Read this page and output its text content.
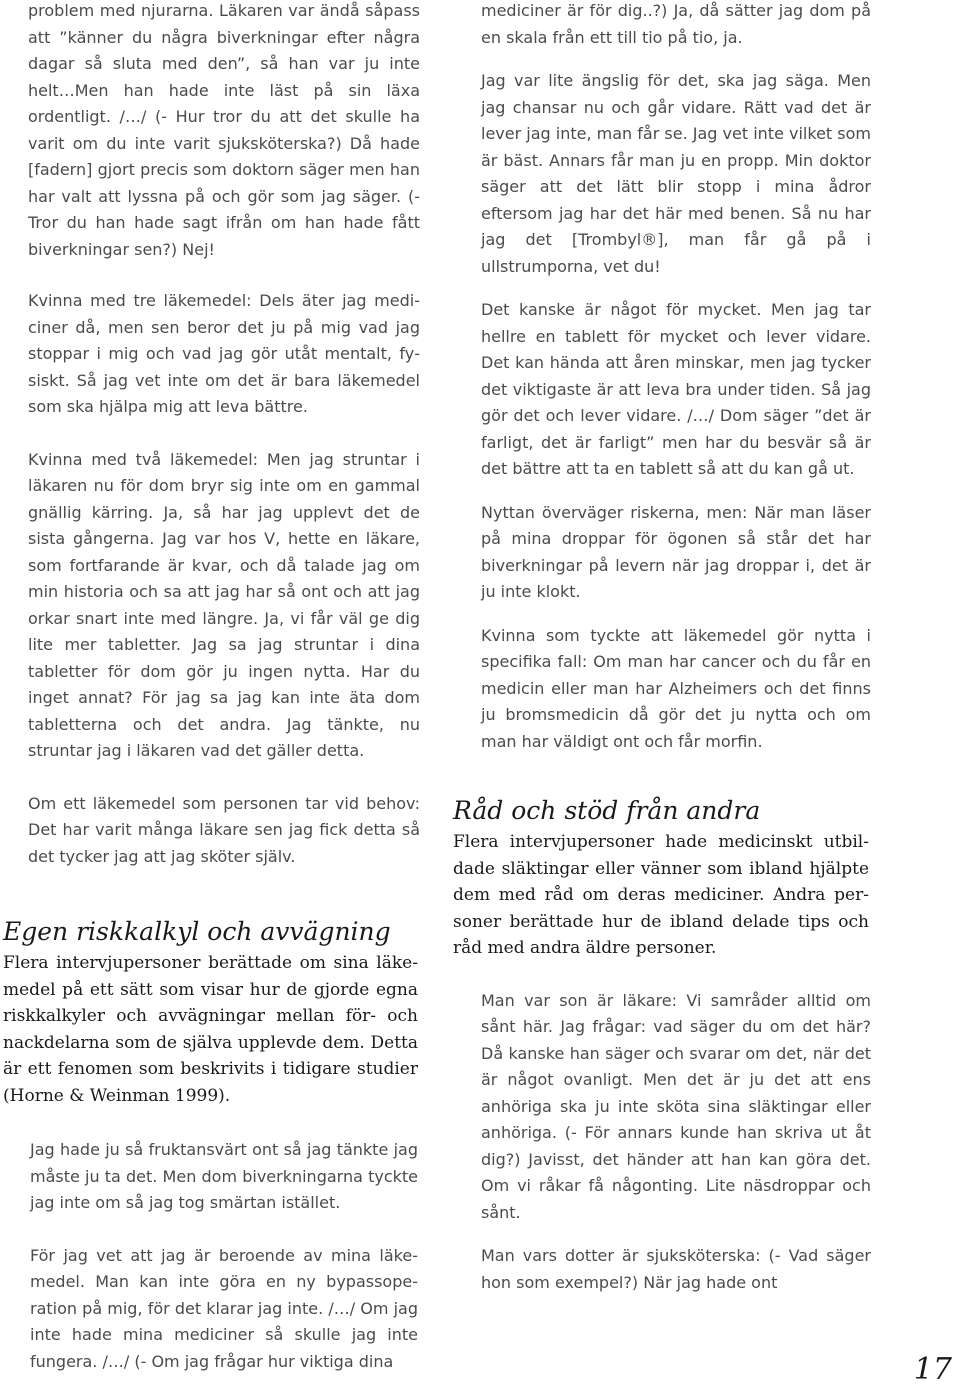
problem med njurarna. Läkaren var ändå såpass att ”känner du några biverkningar efter några dagar så sluta med den”, så han var ju inte helt…Men han hade inte läst på sin läxa ordentligt. /…/ (- Hur tror du att det skulle ha varit om du inte varit sjuksköterska?) Då hade [fadern] gjort precis som doktorn säger men han har valt att lyssna på och gör som jag säger. (- Tror du han hade sagt ifrån om han hade fått biverkningar sen?) Nej!

Kvinna med tre läkemedel: Dels äter jag mediciner då, men sen beror det ju på mig vad jag stoppar i mig och vad jag gör utåt mentalt, fysiskt. Så jag vet inte om det är bara läkemedel som ska hjälpa mig att leva bättre.

Kvinna med två läkemedel: Men jag struntar i läkaren nu för dom bryr sig inte om en gammal gnällig kärring. Ja, så har jag upplevt det de sista gångerna. Jag var hos V, hette en läkare, som fortfarande är kvar, och då talade jag om min historia och sa att jag har så ont och att jag orkar snart inte med längre. Ja, vi får väl ge dig lite mer tabletter. Jag sa jag struntar i dina tabletter för dom gör ju ingen nytta. Har du inget annat? För jag sa jag kan inte äta dom tabletterna och det andra. Jag tänkte, nu struntar jag i läkaren vad det gäller detta.

Om ett läkemedel som personen tar vid behov: Det har varit många läkare sen jag fick detta så det tycker jag att jag sköter själv.

Egen riskkalkyl och avvägning

Flera intervjupersoner berättade om sina läkemedel på ett sätt som visar hur de gjorde egna riskkalkyler och avvägningar mellan för- och nackdelarna som de själva upplevde dem. Detta är ett fenomen som beskrivits i tidigare studier (Horne & Weinman 1999).

Jag hade ju så fruktansvärt ont så jag tänkte jag måste ju ta det. Men dom biverkningarna tyckte jag inte om så jag tog smärtan istället.

För jag vet att jag är beroende av mina läkemedel. Man kan inte göra en ny bypassoperation på mig, för det klarar jag inte. /…/ Om jag inte hade mina mediciner så skulle jag inte fungera. /…/ (- Om jag frågar hur viktiga dina

mediciner är för dig..?) Ja, då sätter jag dom på en skala från ett till tio på tio, ja.

Jag var lite ängslig för det, ska jag säga. Men jag chansar nu och går vidare. Rätt vad det är lever jag inte, man får se. Jag vet inte vilket som är bäst. Annars får man ju en propp. Min doktor säger att det lätt blir stopp i mina ådror eftersom jag har det här med benen. Så nu har jag det [Trombyl®], man får gå på i ullstrumporna, vet du!

Det kanske är något för mycket. Men jag tar hellre en tablett för mycket och lever vidare. Det kan hända att åren minskar, men jag tycker det viktigaste är att leva bra under tiden. Så jag gör det och lever vidare. /…/ Dom säger ”det är farligt, det är farligt” men har du besvär så är det bättre att ta en tablett så att du kan gå ut.

Nyttan överväger riskerna, men: När man läser på mina droppar för ögonen så står det har biverkningar på levern när jag droppar i, det är ju inte klokt.

Kvinna som tyckte att läkemedel gör nytta i specifika fall: Om man har cancer och du får en medicin eller man har Alzheimers och det finns ju bromsmedicin då gör det ju nytta och om man har väldigt ont och får morfin.

Råd och stöd från andra

Flera intervjupersoner hade medicinskt utbildade släktingar eller vänner som ibland hjälpte dem med råd om deras mediciner. Andra personer berättade hur de ibland delade tips och råd med andra äldre personer.

Man var son är läkare: Vi samråder alltid om sånt här. Jag frågar: vad säger du om det här? Då kanske han säger och svarar om det, när det är något ovanligt. Men det är ju det att ens anhöriga ska ju inte sköta sina släktingar eller anhöriga. (- För annars kunde han skriva ut åt dig?) Javisst, det händer att han kan göra det. Om vi råkar få någonting. Lite näsdroppar och sånt.

Man vars dotter är sjuksköterska: (- Vad säger hon som exempel?) När jag hade ont

17
